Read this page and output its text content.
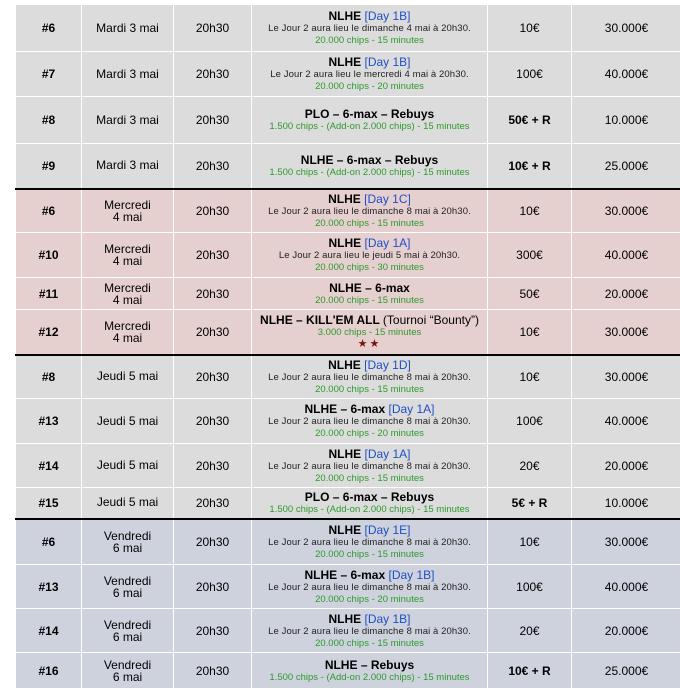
#6	Mardi 3 mai	20h30	NLHE [Day 1B]
Le Jour 2 aura lieu le dimanche 4 mai à 20h30.
20.000 chips - 15 minutes	10€	30.000€
#7	Mardi 3 mai	20h30	NLHE [Day 1B]
Le Jour 2 aura lieu le mercredi 4 mai à 20h30.
20.000 chips - 20 minutes	100€	40.000€
#8	Mardi 3 mai	20h30	PLO – 6-max – Rebuys
1.500 chips - (Add-on 2.000 chips) - 15 minutes	50€ + R	10.000€
#9	Mardi 3 mai	20h30	NLHE – 6-max – Rebuys
1.500 chips - (Add-on 2.000 chips) - 15 minutes	10€ + R	25.000€
#6	Mercredi
4 mai	20h30	NLHE [Day 1C]
Le Jour 2 aura lieu le dimanche 8 mai à 20h30.
20.000 chips - 15 minutes	10€	30.000€
#10	Mercredi
4 mai	20h30	NLHE [Day 1A]
Le Jour 2 aura lieu le jeudi 5 mai à 20h30.
20.000 chips - 30 minutes	300€	40.000€
#11	Mercredi
4 mai	20h30	NLHE – 6-max
20.000 chips - 15 minutes	50€	20.000€
#12	Mercredi
4 mai	20h30	NLHE – KILL'EM ALL (Tournoi “Bounty”)
3.000 chips - 15 minutes
★★	10€	30.000€
#8	Jeudi 5 mai	20h30	NLHE [Day 1D]
Le Jour 2 aura lieu le dimanche 8 mai à 20h30.
20.000 chips - 15 minutes	10€	30.000€
#13	Jeudi 5 mai	20h30	NLHE – 6-max [Day 1A]
Le Jour 2 aura lieu le dimanche 8 mai à 20h30.
20.000 chips - 20 minutes	100€	40.000€
#14	Jeudi 5 mai	20h30	NLHE [Day 1A]
Le Jour 2 aura lieu le dimanche 8 mai à 20h30.
20.000 chips - 15 minutes	20€	20.000€
#15	Jeudi 5 mai	20h30	PLO – 6-max – Rebuys
1.500 chips - (Add-on 2.000 chips) - 15 minutes	5€ + R	10.000€
#6	Vendredi
6 mai	20h30	NLHE [Day 1E]
Le Jour 2 aura lieu le dimanche 8 mai à 20h30.
20.000 chips - 15 minutes	10€	30.000€
#13	Vendredi
6 mai	20h30	NLHE – 6-max [Day 1B]
Le Jour 2 aura lieu le dimanche 8 mai à 20h30.
20.000 chips - 20 minutes	100€	40.000€
#14	Vendredi
6 mai	20h30	NLHE [Day 1B]
Le Jour 2 aura lieu le dimanche 8 mai à 20h30.
20.000 chips - 15 minutes	20€	20.000€
#16	Vendredi
6 mai	20h30	NLHE – Rebuys
1.500 chips - (Add-on 2.000 chips) - 15 minutes	10€ + R	25.000€
